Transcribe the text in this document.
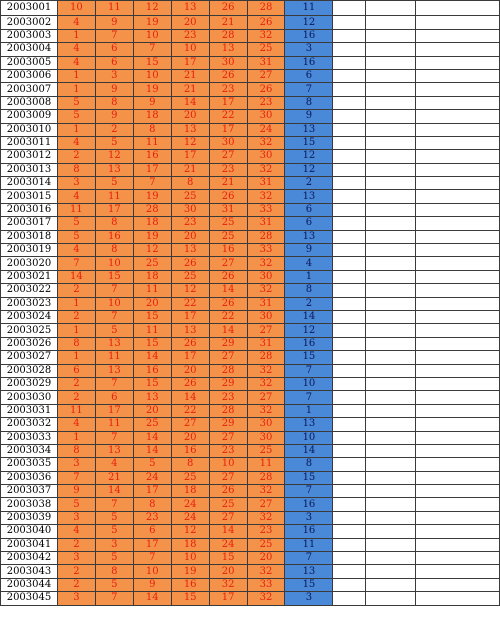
2003001	10	11	12	13	26	28	11			
2003002	4	9	19	20	21	26	12			
2003003	1	7	10	23	28	32	16			
2003004	4	6	7	10	13	25	3			
2003005	4	6	15	17	30	31	16			
2003006	1	3	10	21	26	27	6			
2003007	1	9	19	21	23	26	7			
2003008	5	8	9	14	17	23	8			
2003009	5	9	18	20	22	30	9			
2003010	1	2	8	13	17	24	13			
2003011	4	5	11	12	30	32	15			
2003012	2	12	16	17	27	30	12			
2003013	8	13	17	21	23	32	12			
2003014	3	5	7	8	21	31	2			
2003015	4	11	19	25	26	32	13			
2003016	11	17	28	30	31	33	6			
2003017	5	8	18	23	25	31	6			
2003018	5	16	19	20	25	28	13			
2003019	4	8	12	13	16	33	9			
2003020	7	10	25	26	27	32	4			
2003021	14	15	18	25	26	30	1			
2003022	2	7	11	12	14	32	8			
2003023	1	10	20	22	26	31	2			
2003024	2	7	15	17	22	30	14			
2003025	1	5	11	13	14	27	12			
2003026	8	13	15	26	29	31	16			
2003027	1	11	14	17	27	28	15			
2003028	6	13	16	20	28	32	7			
2003029	2	7	15	26	29	32	10			
2003030	2	6	13	14	23	27	7			
2003031	11	17	20	22	28	32	1			
2003032	4	11	25	27	29	30	13			
2003033	1	7	14	20	27	30	10			
2003034	8	13	14	16	23	25	14			
2003035	3	4	5	8	10	11	8			
2003036	7	21	24	25	27	28	15			
2003037	9	14	17	18	26	32	7			
2003038	5	7	8	24	25	27	16			
2003039	3	5	23	24	27	32	3			
2003040	4	5	6	12	14	23	16			
2003041	2	3	17	18	24	25	11			
2003042	3	5	7	10	15	20	7			
2003043	2	8	10	19	20	32	13			
2003044	2	5	9	16	32	33	15			
2003045	3	7	14	15	17	32	3			
